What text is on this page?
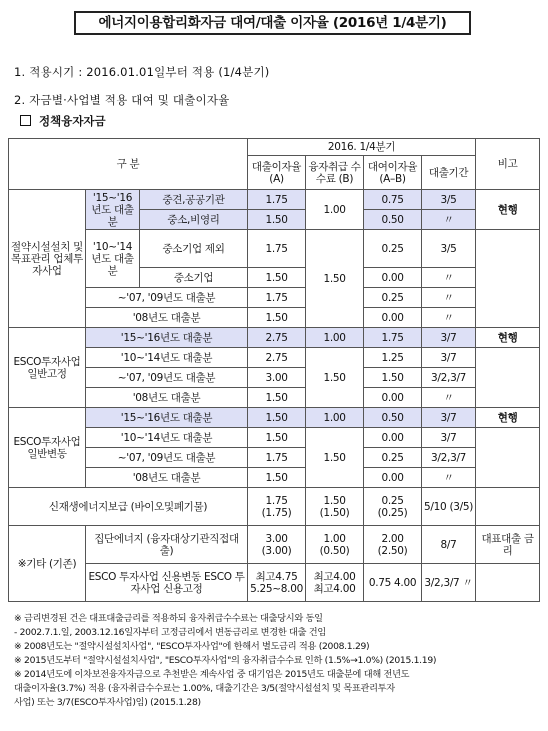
에너지이용합리화자금 대여/대출 이자율 (2016년 1/4분기)
1. 적용시기 : 2016.01.01일부터 적용 (1/4분기)
2. 자금별·사업별 적용 대여 및 대출이자율
정책융자자금
구 분			2016. 1/4분기				비고
			대출이자율 (A)	융자취급 수수료 (B)	대여이자율 (A–B)	대출기간	
절약시설설치 및 목표관리 업체투자사업	'15~'16년도 대출분	중견,공공기관	1.75	1.00	0.75	3/5	현행
		중소,비영리	1.50		0.50	〃	
	'10~'14년도 대출분	중소기업 제외	1.75	1.50	0.25	3/5	
		중소기업	1.50		0.00	〃	
	~'07, '09년도 대출분		1.75		0.25	〃	
	'08년도 대출분		1.50		0.00	〃	
ESCO투자사업 일반고정	'15~'16년도 대출분		2.75	1.00	1.75	3/7	현행
	'10~'14년도 대출분		2.75	1.50	1.25	3/7	
	~'07, '09년도 대출분		3.00		1.50	3/2,3/7	
	'08년도 대출분		1.50		0.00	〃	
ESCO투자사업 일반변동	'15~'16년도 대출분		1.50	1.00	0.50	3/7	현행
	'10~'14년도 대출분		1.50	1.50	0.00	3/7	
	~'07, '09년도 대출분		1.75		0.25	3/2,3/7	
	'08년도 대출분		1.50		0.00	〃	
신재생에너지보급 (바이오및폐기물)			1.75 (1.75)	1.50 (1.50)	0.25 (0.25)	5/10 (3/5)	
※기타 (기존)	집단에너지 (융자대상기관직접대출)		3.00 (3.00)	1.00 (0.50)	2.00 (2.50)	8/7	대표대출 금리
	ESCO 투자사업 신용변동 ESCO 투자사업 신용고정		최고4.75 5.25~8.00	최고4.00 최고4.00	0.75 4.00	3/2,3/7 〃	
※ 금리변경된 건은 대표대출금리를 적용하되 융자취급수수료는 대출당시와 동일
- 2002.7.1.일, 2003.12.16일자부터 고정금리에서 변동금리로 변경한 대출 건임
※ 2008년도는 "절약시설설치사업", "ESCO투자사업"에 한해서 별도금리 적용 (2008.1.29)
※ 2015년도부터 "절약시설설치사업", "ESCO투자사업"의 융자취급수수료 인하 (1.5%→1.0%) (2015.1.19)
※ 2014년도에 이차보전융자자금으로 추천받은 계속사업 중 대기업은 2015년도 대출분에 대해 전년도
대출이자율(3.7%) 적용 (융자취급수수료는 1.00%, 대출기간은 3/5(절약시설설치 및 목표관리투자
사업) 또는 3/7(ESCO투자사업)임) (2015.1.28)
